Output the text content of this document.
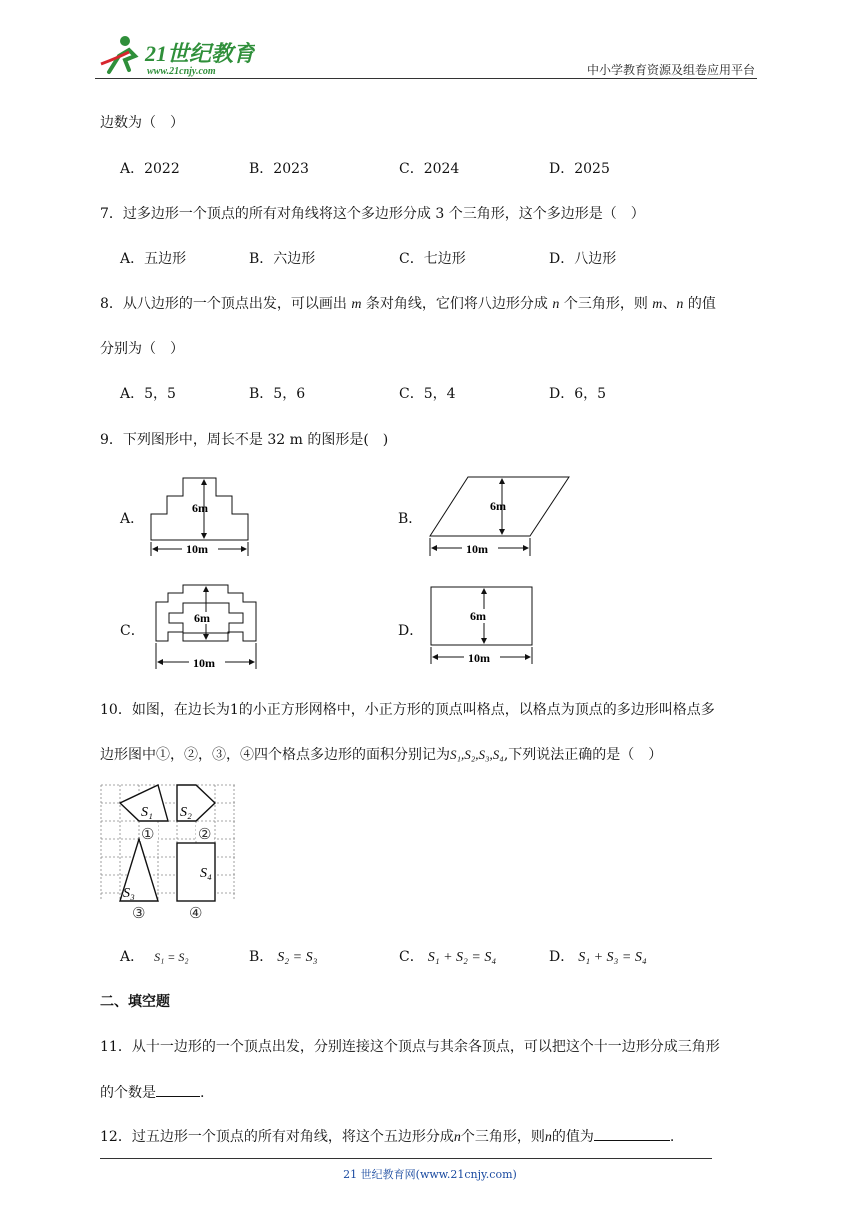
21世纪教育
www.21cnjy.com	中小学教育资源及组卷应用平台
边数为（　）
A．2022	B．2023	C．2024	D．2025
7．过多边形一个顶点的所有对角线将这个多边形分成 3 个三角形，这个多边形是（　）
A．五边形	B．六边形	C．七边形	D．八边形
8．从八边形的一个顶点出发，可以画出 m 条对角线，它们将八边形分成 n 个三角形，则 m、n 的值
分别为（　）
A．5，5	B．5，6	C．5，4	D．6，5
9．下列图形中，周长不是 32 m 的图形是(　)
A．
6m
10m
B．
6m
10m
C．
6m
10m
D．
6m
10m
10．如图，在边长为1的小正方形网格中，小正方形的顶点叫格点，以格点为顶点的多边形叫格点多
边形图中①，②，③，④四个格点多边形的面积分别记为S₁,S₂,S₃,S₄,下列说法正确的是（　）
S₁ S₂
S₃
S₄
①	②
③	④
A． S₁ = S₂	B． S₂ = S₃	C． S₁ + S₂ = S₄	D． S₁ + S₃ = S₄
二、填空题
11．从十一边形的一个顶点出发，分别连接这个顶点与其余各顶点，可以把这个十一边形分成三角形
的个数是	.
12．过五边形一个顶点的所有对角线，将这个五边形分成n个三角形，则n的值为	.
21 世纪教育网(www.21cnjy.com)
